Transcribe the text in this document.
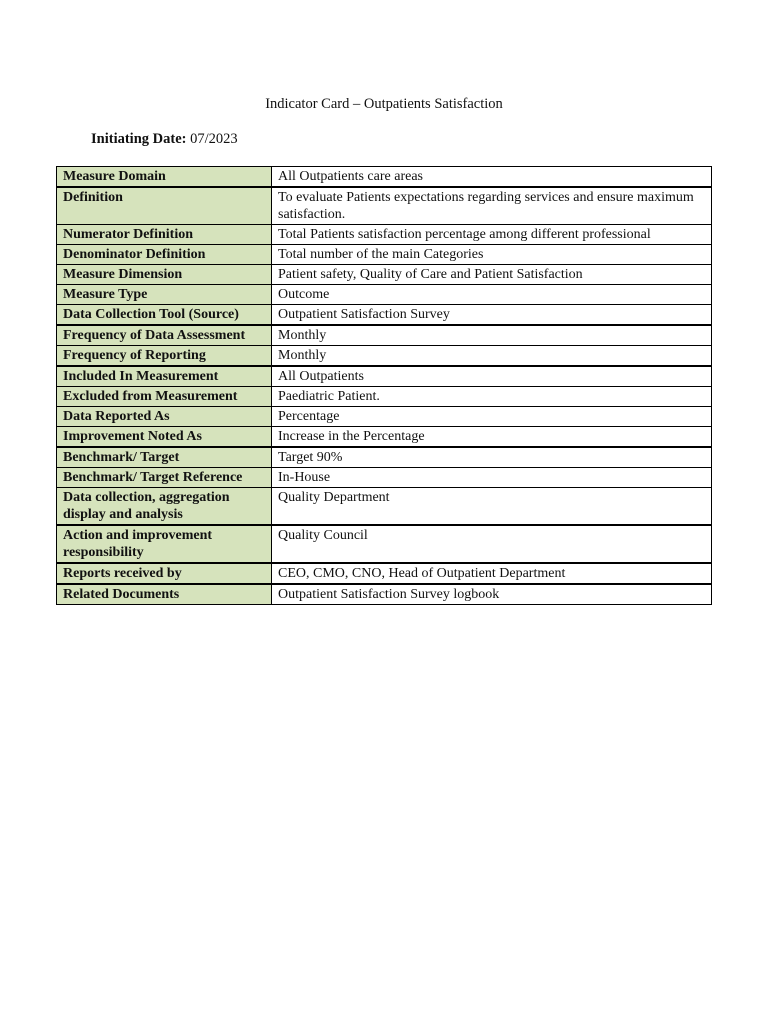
Indicator Card – Outpatients Satisfaction
Initiating Date: 07/2023
Measure Domain	All Outpatients care areas
Definition	To evaluate Patients expectations regarding services and ensure maximum satisfaction.
Numerator Definition	Total Patients satisfaction percentage among different professional
Denominator Definition	Total number of the main Categories
Measure Dimension	Patient safety, Quality of Care and Patient Satisfaction
Measure Type	Outcome
Data Collection Tool (Source)	Outpatient Satisfaction Survey
Frequency of Data Assessment	Monthly
Frequency of Reporting	Monthly
Included In Measurement	All Outpatients
Excluded from Measurement	Paediatric Patient.
Data Reported As	Percentage
Improvement Noted As	Increase in the Percentage
Benchmark/ Target	Target 90%
Benchmark/ Target Reference	In-House
Data collection, aggregation display and analysis	Quality Department
Action and improvement responsibility	Quality Council
Reports received by	CEO, CMO, CNO, Head of Outpatient Department
Related Documents	Outpatient Satisfaction Survey logbook
